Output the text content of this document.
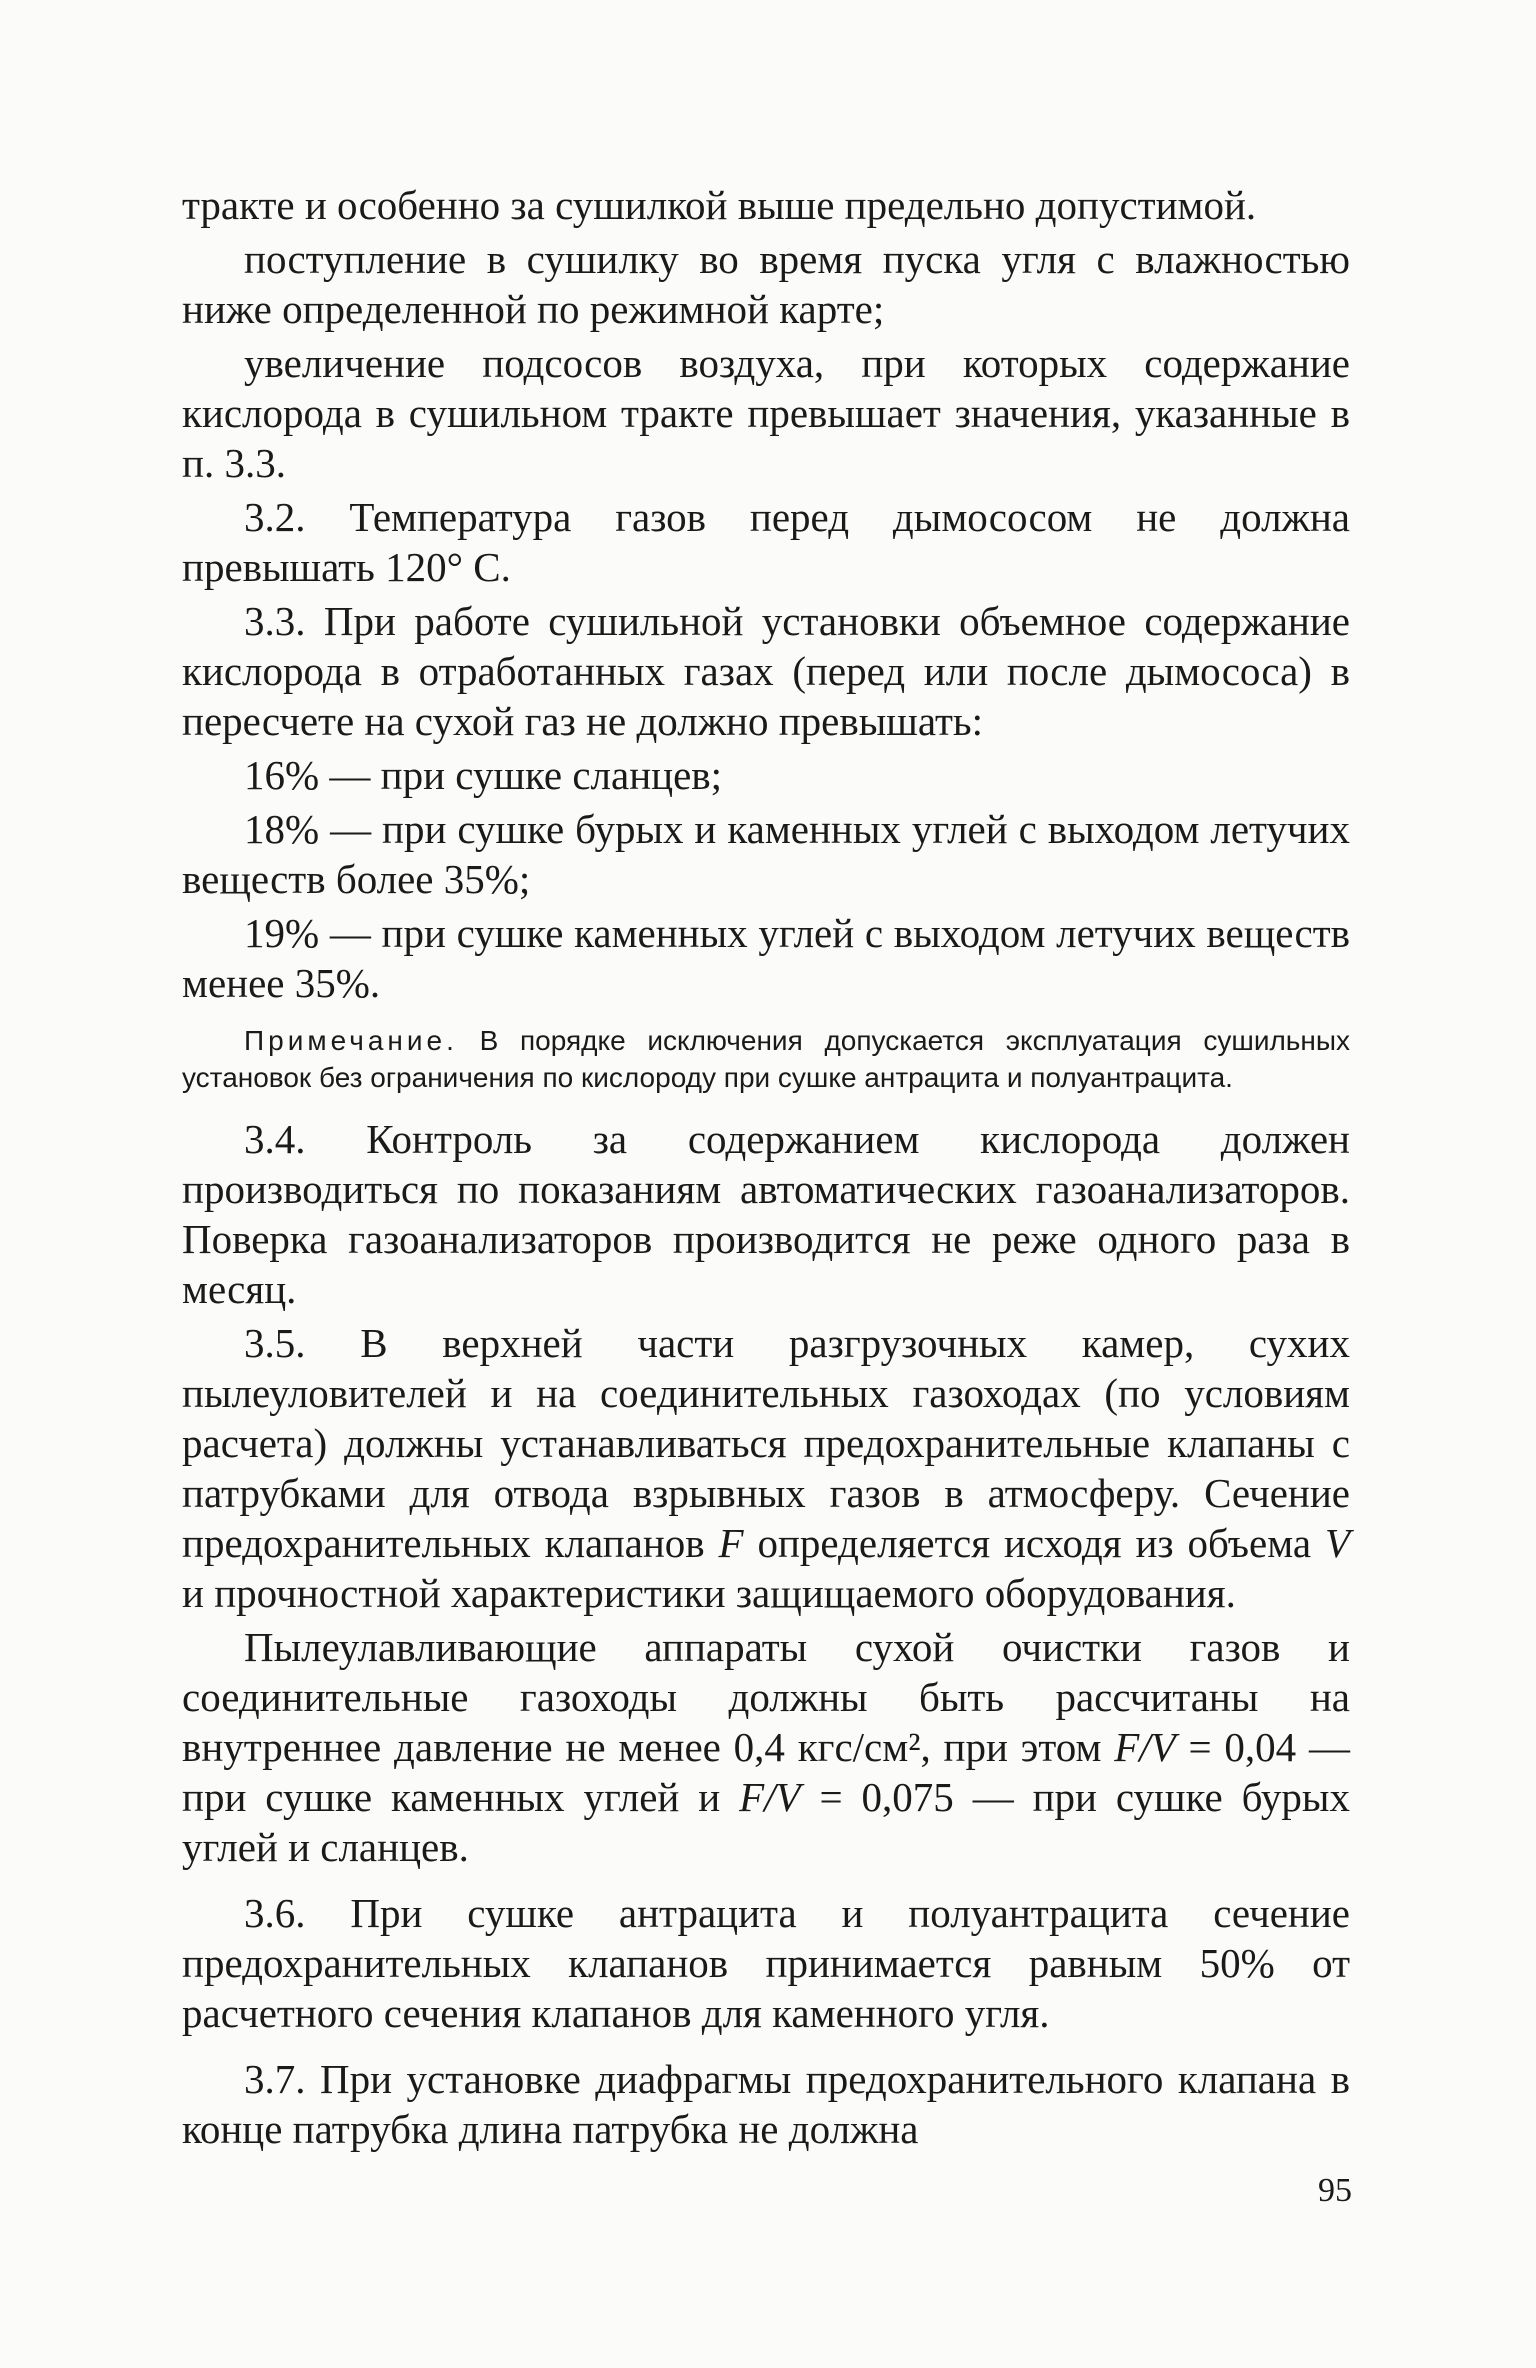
тракте и особенно за сушилкой выше предельно допустимой.

поступление в сушилку во время пуска угля с влажностью ниже определенной по режимной карте;

увеличение подсосов воздуха, при которых содержание кислорода в сушильном тракте превышает значения, указанные в п. 3.3.

3.2. Температура газов перед дымососом не должна превышать 120° С.

3.3. При работе сушильной установки объемное содержание кислорода в отработанных газах (перед или после дымососа) в пересчете на сухой газ не должно превышать:

16% — при сушке сланцев;

18% — при сушке бурых и каменных углей с выходом летучих веществ более 35%;

19% — при сушке каменных углей с выходом летучих веществ менее 35%.

Примечание. В порядке исключения допускается эксплуатация сушильных установок без ограничения по кислороду при сушке антрацита и полуантрацита.

3.4. Контроль за содержанием кислорода должен производиться по показаниям автоматических газоанализаторов. Поверка газоанализаторов производится не реже одного раза в месяц.

3.5. В верхней части разгрузочных камер, сухих пылеуловителей и на соединительных газоходах (по условиям расчета) должны устанавливаться предохранительные клапаны с патрубками для отвода взрывных газов в атмосферу. Сечение предохранительных клапанов F определяется исходя из объема V и прочностной характеристики защищаемого оборудования.

Пылеулавливающие аппараты сухой очистки газов и соединительные газоходы должны быть рассчитаны на внутреннее давление не менее 0,4 кгс/см², при этом F/V = 0,04 — при сушке каменных углей и F/V = 0,075 — при сушке бурых углей и сланцев.

3.6. При сушке антрацита и полуантрацита сечение предохранительных клапанов принимается равным 50% от расчетного сечения клапанов для каменного угля.

3.7. При установке диафрагмы предохранительного клапана в конце патрубка длина патрубка не должна

95
